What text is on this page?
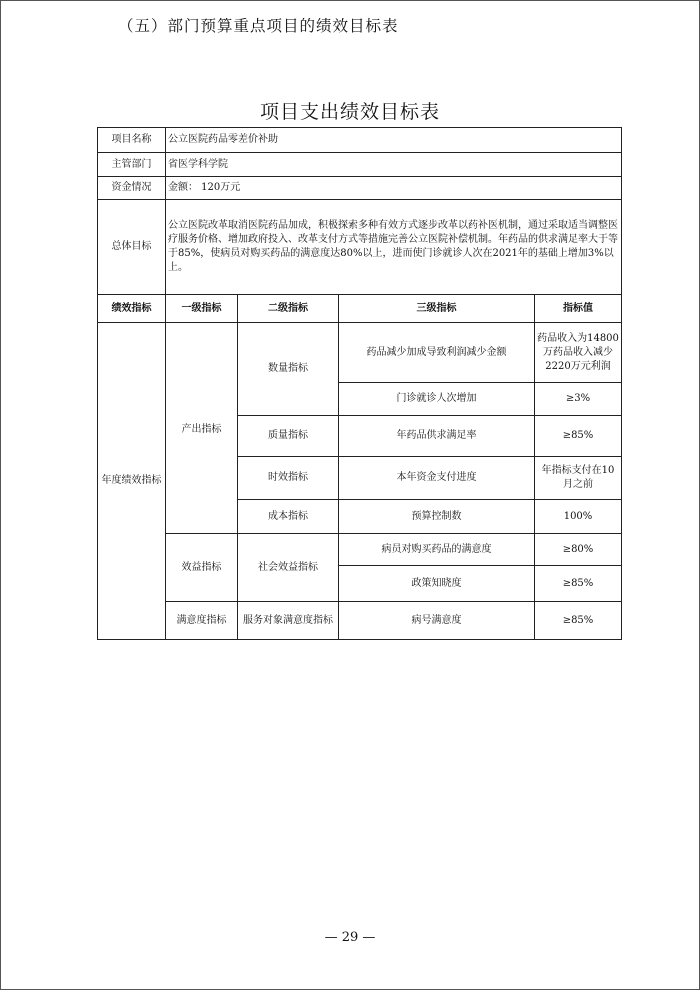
（五）部门预算重点项目的绩效目标表
项目支出绩效目标表
项目名称	公立医院药品零差价补助			
主管部门	省医学科学院			
资金情况	金额： 120万元			
总体目标	公立医院改革取消医院药品加成，积极探索多种有效方式逐步改革以药补医机制，通过采取适当调整医疗服务价格、增加政府投入、改革支付方式等措施完善公立医院补偿机制。年药品的供求满足率大于等于85%，使病员对购买药品的满意度达80%以上，进而使门诊就诊人次在2021年的基础上增加3%以上。			
绩效指标	一级指标	二级指标	三级指标	指标值
年度绩效指标	产出指标	数量指标	药品减少加成导致利润减少金额	药品收入为14800万药品收入减少2220万元利润
			门诊就诊人次增加	≥3%
		质量指标	年药品供求满足率	≥85%
		时效指标	本年资金支付进度	年指标支付在10月之前
		成本指标	预算控制数	100%
	效益指标	社会效益指标	病员对购买药品的满意度	≥80%
			政策知晓度	≥85%
	满意度指标	服务对象满意度指标	病号满意度	≥85%
— 29 —
